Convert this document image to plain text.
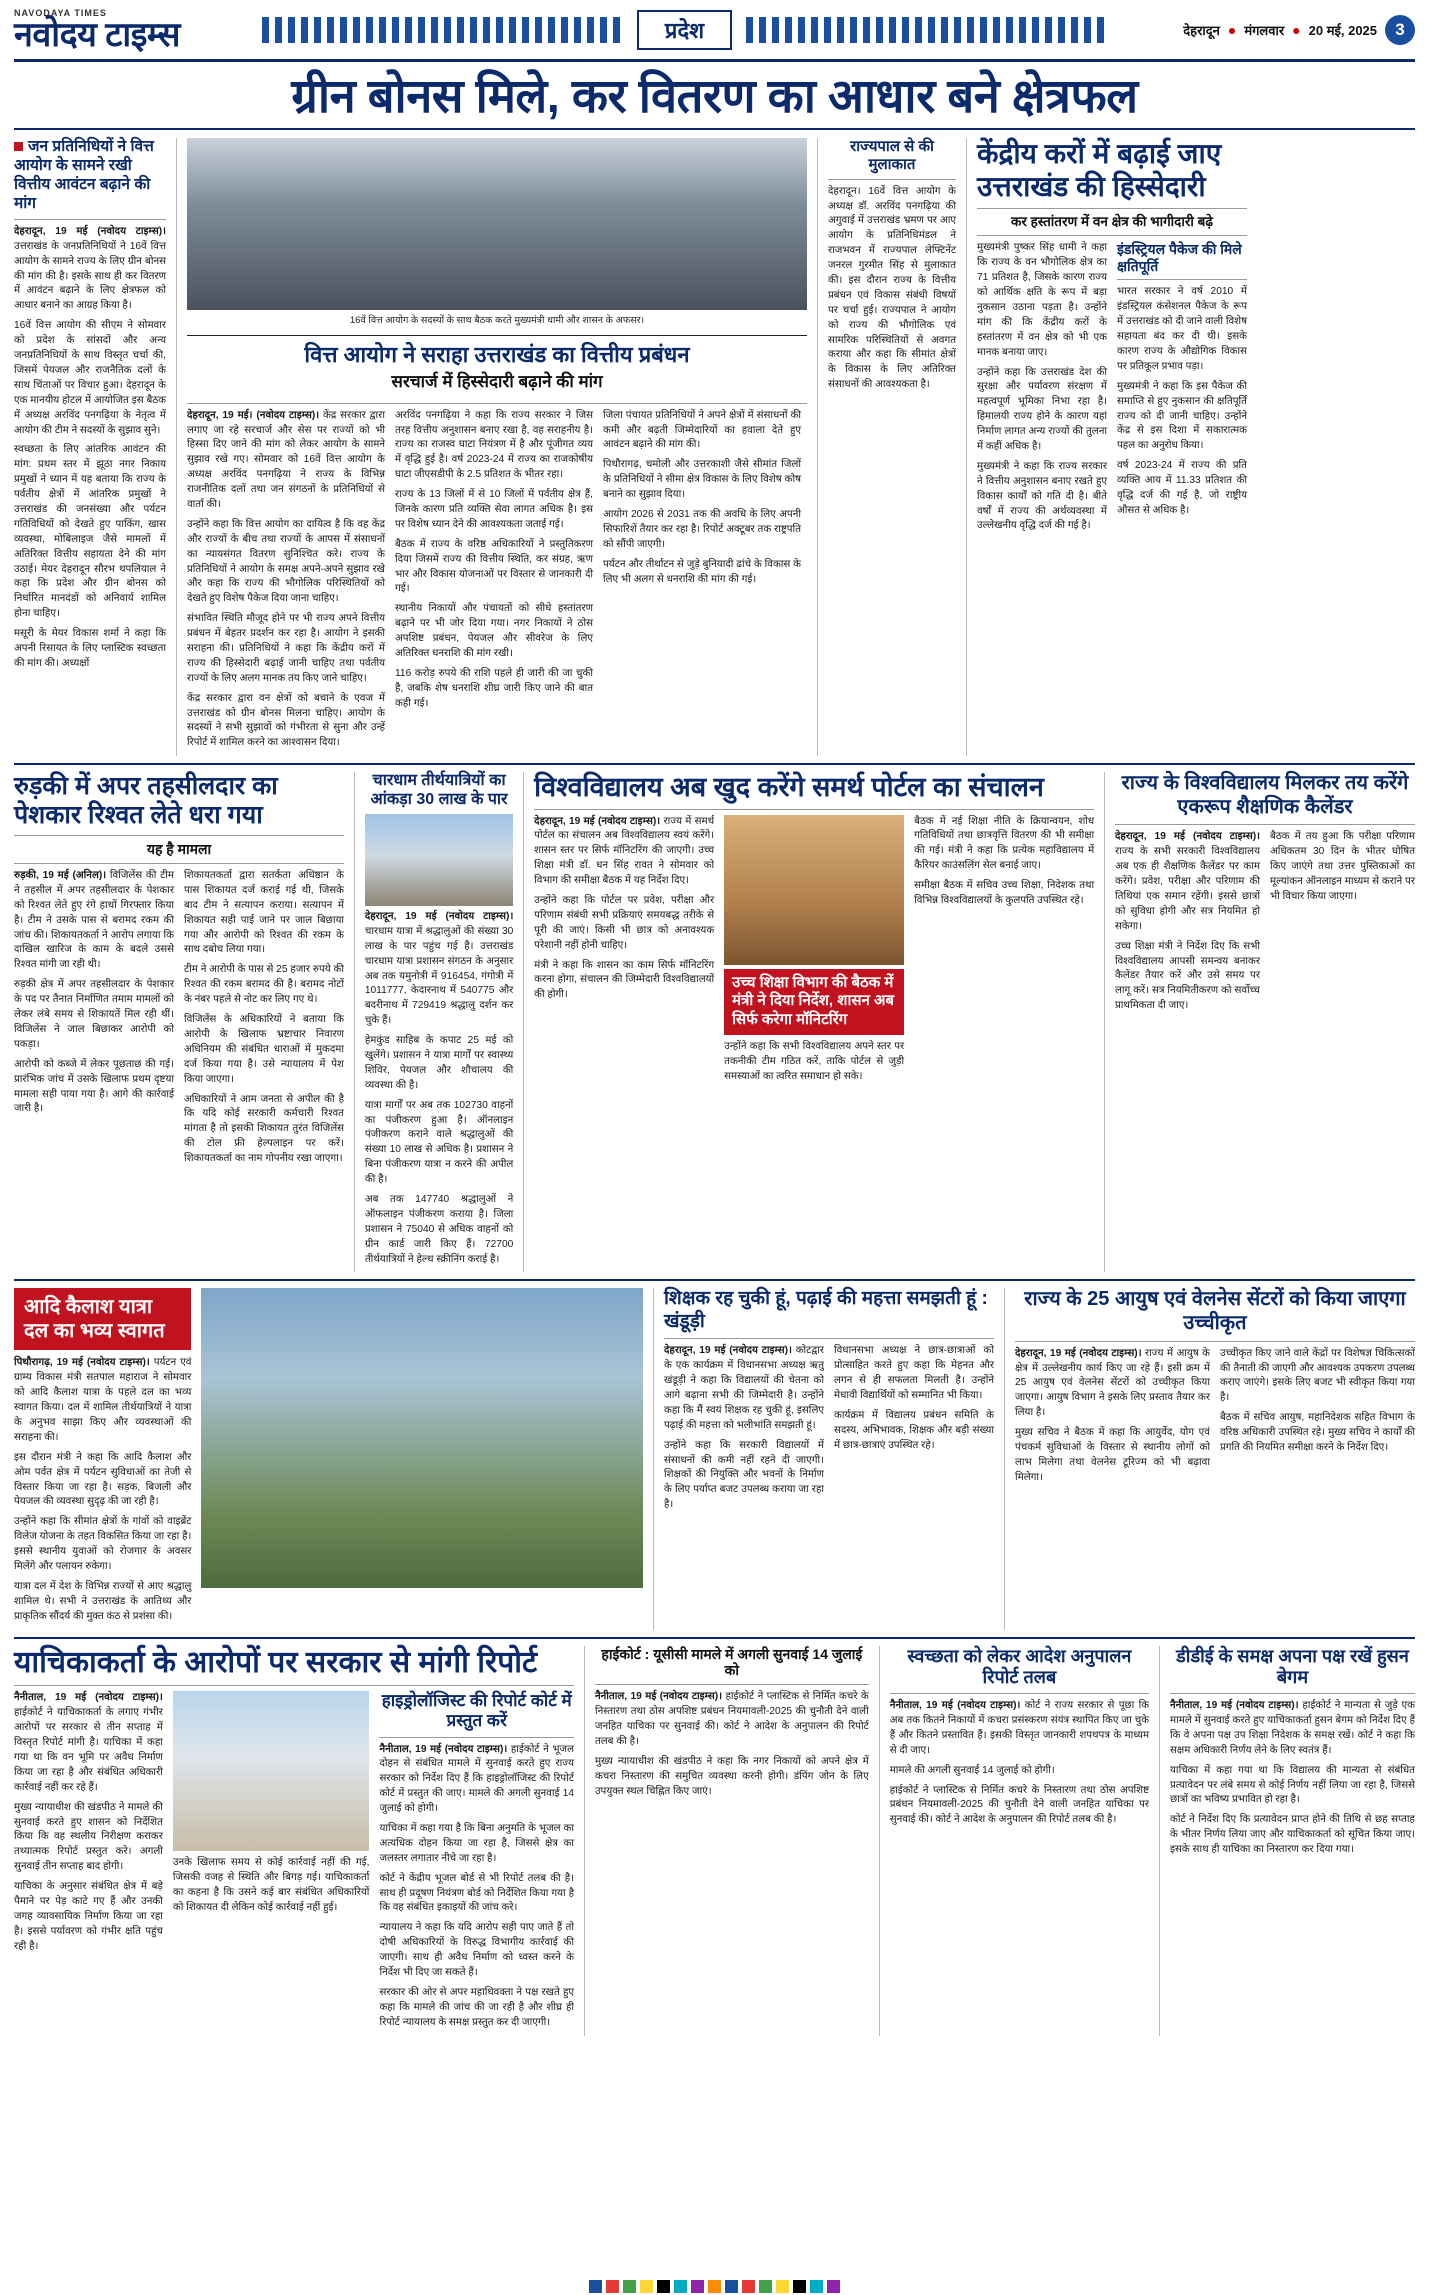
NAVODAYA TIMES
नवोदय टाइम्स	प्रदेश	देहरादून ● मंगलवार ● 20 मई, 2025	3
ग्रीन बोनस मिले, कर वितरण का आधार बने क्षेत्रफल
जन प्रतिनिधियों ने वित्त आयोग के सामने रखी वित्तीय आवंटन बढ़ाने की मांग

देहरादून, 19 मई (नवोदय टाइम्स)। उत्तराखंड के जनप्रतिनिधियों ने 16वें वित्त आयोग के सामने राज्य के लिए ग्रीन बोनस की मांग की है। इसके साथ ही कर वितरण में आवंटन बढ़ाने के लिए क्षेत्रफल को आधार बनाने का आग्रह किया है।

16वें वित्त आयोग की सीएम ने सोमवार को प्रदेश के सांसदों और अन्य जनप्रतिनिधियों के साथ विस्तृत चर्चा की, जिसमें पेयजल और राजनैतिक दलों के साथ चिंताओं पर विचार हुआ। देहरादून के एक मानयीय होटल में आयोजित इस बैठक में अध्यक्ष अरविंद पनगढ़िया के नेतृत्व में आयोग की टीम ने सदस्यों के सुझाव सुने।

स्वच्छता के लिए आंतरिक आवंटन की मांग: प्रथम स्तर में झूठा नगर निकाय प्रमुखों ने ध्यान में यह बताया कि राज्य के पर्वतीय क्षेत्रों में आंतरिक प्रमुखों ने उत्तराखंड की जनसंख्या और पर्यटन गतिविधियों को देखते हुए पाकिंग, खास व्यवस्था, मोबिलाइज जैसे मामलों में अतिरिक्त वित्तीय सहायता देने की मांग उठाई। मेयर देहरादून सौरभ थपलियाल ने कहा कि प्रदेश और ग्रीन बोनस को निर्धारित मानदंडों को अनिवार्य शामिल होना चाहिए।

मसूरी के मेयर विकास शर्मा ने कहा कि अपनी रिसायत के लिए प्लास्टिक स्वच्छता की मांग की। अध्यक्षों

16वें वित्त आयोग के सदस्यों के साथ बैठक करते मुख्यमंत्री धामी और शासन के अफसर।
वित्त आयोग ने सराहा उत्तराखंड का वित्तीय प्रबंधन
सरचार्ज में हिस्सेदारी बढ़ाने की मांग

देहरादून, 19 मई। (नवोदय टाइम्स)। केंद्र सरकार द्वारा लगाए जा रहे सरचार्ज और सेस पर राज्यों को भी हिस्सा दिए जाने की मांग को लेकर आयोग के सामने सुझाव रखे गए। सोमवार को 16वें वित्त आयोग के अध्यक्ष अरविंद पनगढ़िया ने राज्य के विभिन्न राजनीतिक दलों तथा जन संगठनों के प्रतिनिधियों से वार्ता की।

उन्होंने कहा कि वित्त आयोग का दायित्व है कि वह केंद्र और राज्यों के बीच तथा राज्यों के आपस में संसाधनों का न्यायसंगत वितरण सुनिश्चित करे। राज्य के प्रतिनिधियों ने आयोग के समक्ष अपने-अपने सुझाव रखे और कहा कि राज्य की भौगोलिक परिस्थितियों को देखते हुए विशेष पैकेज दिया जाना चाहिए।

संभावित स्थिति मौजूद होने पर भी राज्य अपने वित्तीय प्रबंधन में बेहतर प्रदर्शन कर रहा है। आयोग ने इसकी सराहना की। प्रतिनिधियों ने कहा कि केंद्रीय करों में राज्य की हिस्सेदारी बढ़ाई जानी चाहिए तथा पर्वतीय राज्यों के लिए अलग मानक तय किए जाने चाहिए।

केंद्र सरकार द्वारा वन क्षेत्रों को बचाने के एवज में उत्तराखंड को ग्रीन बोनस मिलना चाहिए। आयोग के सदस्यों ने सभी सुझावों को गंभीरता से सुना और उन्हें रिपोर्ट में शामिल करने का आश्वासन दिया।

अरविंद पनगढ़िया ने कहा कि राज्य सरकार ने जिस तरह वित्तीय अनुशासन बनाए रखा है, वह सराहनीय है। राज्य का राजस्व घाटा नियंत्रण में है और पूंजीगत व्यय में वृद्धि हुई है। वर्ष 2023-24 में राज्य का राजकोषीय घाटा जीएसडीपी के 2.5 प्रतिशत के भीतर रहा।

राज्य के 13 जिलों में से 10 जिलों में पर्वतीय क्षेत्र हैं, जिनके कारण प्रति व्यक्ति सेवा लागत अधिक है। इस पर विशेष ध्यान देने की आवश्यकता जताई गई।

बैठक में राज्य के वरिष्ठ अधिकारियों ने प्रस्तुतिकरण दिया जिसमें राज्य की वित्तीय स्थिति, कर संग्रह, ऋण भार और विकास योजनाओं पर विस्तार से जानकारी दी गई।

स्थानीय निकायों और पंचायतों को सीधे हस्तांतरण बढ़ाने पर भी जोर दिया गया। नगर निकायों ने ठोस अपशिष्ट प्रबंधन, पेयजल और सीवरेज के लिए अतिरिक्त धनराशि की मांग रखी।

116 करोड़ रुपये की राशि पहले ही जारी की जा चुकी है, जबकि शेष धनराशि शीघ्र जारी किए जाने की बात कही गई।

जिला पंचायत प्रतिनिधियों ने अपने क्षेत्रों में संसाधनों की कमी और बढ़ती जिम्मेदारियों का हवाला देते हुए आवंटन बढ़ाने की मांग की।

पिथौरागढ़, चमोली और उत्तरकाशी जैसे सीमांत जिलों के प्रतिनिधियों ने सीमा क्षेत्र विकास के लिए विशेष कोष बनाने का सुझाव दिया।

आयोग 2026 से 2031 तक की अवधि के लिए अपनी सिफारिशें तैयार कर रहा है। रिपोर्ट अक्टूबर तक राष्ट्रपति को सौंपी जाएगी।

पर्यटन और तीर्थाटन से जुड़े बुनियादी ढांचे के विकास के लिए भी अलग से धनराशि की मांग की गई।

राज्यपाल से की मुलाकात

देहरादून। 16वें वित्त आयोग के अध्यक्ष डॉ. अरविंद पनगढ़िया की अगुवाई में उत्तराखंड भ्रमण पर आए आयोग के प्रतिनिधिमंडल ने राजभवन में राज्यपाल लेफ्टिनेंट जनरल गुरमीत सिंह से मुलाकात की। इस दौरान राज्य के वित्तीय प्रबंधन एवं विकास संबंधी विषयों पर चर्चा हुई। राज्यपाल ने आयोग को राज्य की भौगोलिक एवं सामरिक परिस्थितियों से अवगत कराया और कहा कि सीमांत क्षेत्रों के विकास के लिए अतिरिक्त संसाधनों की आवश्यकता है।

केंद्रीय करों में बढ़ाई जाए उत्तराखंड की हिस्सेदारी
कर हस्तांतरण में वन क्षेत्र की भागीदारी बढ़े

मुख्यमंत्री पुष्कर सिंह धामी ने कहा कि राज्य के वन भौगोलिक क्षेत्र का 71 प्रतिशत है, जिसके कारण राज्य को आर्थिक क्षति के रूप में बड़ा नुकसान उठाना पड़ता है। उन्होंने मांग की कि केंद्रीय करों के हस्तांतरण में वन क्षेत्र को भी एक मानक बनाया जाए।

उन्होंने कहा कि उत्तराखंड देश की सुरक्षा और पर्यावरण संरक्षण में महत्वपूर्ण भूमिका निभा रहा है। हिमालयी राज्य होने के कारण यहां निर्माण लागत अन्य राज्यों की तुलना में कहीं अधिक है।

मुख्यमंत्री ने कहा कि राज्य सरकार ने वित्तीय अनुशासन बनाए रखते हुए विकास कार्यों को गति दी है। बीते वर्षों में राज्य की अर्थव्यवस्था में उल्लेखनीय वृद्धि दर्ज की गई है।

इंडस्ट्रियल पैकेज की मिले क्षतिपूर्ति

भारत सरकार ने वर्ष 2010 में इंडस्ट्रियल कंसेशनल पैकेज के रूप में उत्तराखंड को दी जाने वाली विशेष सहायता बंद कर दी थी। इसके कारण राज्य के औद्योगिक विकास पर प्रतिकूल प्रभाव पड़ा।

मुख्यमंत्री ने कहा कि इस पैकेज की समाप्ति से हुए नुकसान की क्षतिपूर्ति राज्य को दी जानी चाहिए। उन्होंने केंद्र से इस दिशा में सकारात्मक पहल का अनुरोध किया।

वर्ष 2023-24 में राज्य की प्रति व्यक्ति आय में 11.33 प्रतिशत की वृद्धि दर्ज की गई है, जो राष्ट्रीय औसत से अधिक है।

रुड़की में अपर तहसीलदार का पेशकार रिश्वत लेते धरा गया
यह है मामला

रुड़की, 19 मई (अनिल)। विजिलेंस की टीम ने तहसील में अपर तहसीलदार के पेशकार को रिश्वत लेते हुए रंगे हाथों गिरफ्तार किया है। टीम ने उसके पास से बरामद रकम की जांच की। शिकायतकर्ता ने आरोप लगाया कि दाखिल खारिज के काम के बदले उससे रिश्वत मांगी जा रही थी।

रुड़की क्षेत्र में अपर तहसीलदार के पेशकार के पद पर तैनात निर्माणित तमाम मामलों को लेकर लंबे समय से शिकायतें मिल रही थीं। विजिलेंस ने जाल बिछाकर आरोपी को पकड़ा।

आरोपी को कब्जे में लेकर पूछताछ की गई। प्रारंभिक जांच में उसके खिलाफ प्रथम दृष्टया मामला सही पाया गया है। आगे की कार्रवाई जारी है।

शिकायतकर्ता द्वारा सतर्कता अधिष्ठान के पास शिकायत दर्ज कराई गई थी, जिसके बाद टीम ने सत्यापन कराया। सत्यापन में शिकायत सही पाई जाने पर जाल बिछाया गया और आरोपी को रिश्वत की रकम के साथ दबोच लिया गया।

टीम ने आरोपी के पास से 25 हजार रुपये की रिश्वत की रकम बरामद की है। बरामद नोटों के नंबर पहले से नोट कर लिए गए थे।

विजिलेंस के अधिकारियों ने बताया कि आरोपी के खिलाफ भ्रष्टाचार निवारण अधिनियम की संबंधित धाराओं में मुकदमा दर्ज किया गया है। उसे न्यायालय में पेश किया जाएगा।

अधिकारियों ने आम जनता से अपील की है कि यदि कोई सरकारी कर्मचारी रिश्वत मांगता है तो इसकी शिकायत तुरंत विजिलेंस की टोल फ्री हेल्पलाइन पर करें। शिकायतकर्ता का नाम गोपनीय रखा जाएगा।

चारधाम तीर्थयात्रियों का आंकड़ा 30 लाख के पार

देहरादून, 19 मई (नवोदय टाइम्स)। चारधाम यात्रा में श्रद्धालुओं की संख्या 30 लाख के पार पहुंच गई है। उत्तराखंड चारधाम यात्रा प्रशासन संगठन के अनुसार अब तक यमुनोत्री में 916454, गंगोत्री में 1011777, केदारनाथ में 540775 और बदरीनाथ में 729419 श्रद्धालु दर्शन कर चुके हैं।

हेमकुंड साहिब के कपाट 25 मई को खुलेंगे। प्रशासन ने यात्रा मार्गों पर स्वास्थ्य शिविर, पेयजल और शौचालय की व्यवस्था की है।

यात्रा मार्गों पर अब तक 102730 वाहनों का पंजीकरण हुआ है। ऑनलाइन पंजीकरण कराने वाले श्रद्धालुओं की संख्या 10 लाख से अधिक है। प्रशासन ने बिना पंजीकरण यात्रा न करने की अपील की है।

अब तक 147740 श्रद्धालुओं ने ऑफलाइन पंजीकरण कराया है। जिला प्रशासन ने 75040 से अधिक वाहनों को ग्रीन कार्ड जारी किए हैं। 72700 तीर्थयात्रियों ने हेल्थ स्क्रीनिंग कराई है।

विश्वविद्यालय अब खुद करेंगे समर्थ पोर्टल का संचालन

देहरादून, 19 मई (नवोदय टाइम्स)। राज्य में समर्थ पोर्टल का संचालन अब विश्वविद्यालय स्वयं करेंगे। शासन स्तर पर सिर्फ मॉनिटरिंग की जाएगी। उच्च शिक्षा मंत्री डॉ. धन सिंह रावत ने सोमवार को विभाग की समीक्षा बैठक में यह निर्देश दिए।

उन्होंने कहा कि पोर्टल पर प्रवेश, परीक्षा और परिणाम संबंधी सभी प्रक्रियाएं समयबद्ध तरीके से पूरी की जाएं। किसी भी छात्र को अनावश्यक परेशानी नहीं होनी चाहिए।

मंत्री ने कहा कि शासन का काम सिर्फ मॉनिटरिंग करना होगा, संचालन की जिम्मेदारी विश्वविद्यालयों की होगी।

उच्च शिक्षा विभाग की बैठक में मंत्री ने दिया निर्देश, शासन अब सिर्फ करेगा मॉनिटरिंग

उन्होंने कहा कि सभी विश्वविद्यालय अपने स्तर पर तकनीकी टीम गठित करें, ताकि पोर्टल से जुड़ी समस्याओं का त्वरित समाधान हो सके।

बैठक में नई शिक्षा नीति के क्रियान्वयन, शोध गतिविधियों तथा छात्रवृत्ति वितरण की भी समीक्षा की गई। मंत्री ने कहा कि प्रत्येक महाविद्यालय में कैरियर काउंसलिंग सेल बनाई जाए।

समीक्षा बैठक में सचिव उच्च शिक्षा, निदेशक तथा विभिन्न विश्वविद्यालयों के कुलपति उपस्थित रहे।

राज्य के विश्वविद्यालय मिलकर तय करेंगे एकरूप शैक्षणिक कैलेंडर

देहरादून, 19 मई (नवोदय टाइम्स)। राज्य के सभी सरकारी विश्वविद्यालय अब एक ही शैक्षणिक कैलेंडर पर काम करेंगे। प्रवेश, परीक्षा और परिणाम की तिथियां एक समान रहेंगी। इससे छात्रों को सुविधा होगी और सत्र नियमित हो सकेगा।

उच्च शिक्षा मंत्री ने निर्देश दिए कि सभी विश्वविद्यालय आपसी समन्वय बनाकर कैलेंडर तैयार करें और उसे समय पर लागू करें। सत्र नियमितीकरण को सर्वोच्च प्राथमिकता दी जाए।

बैठक में तय हुआ कि परीक्षा परिणाम अधिकतम 30 दिन के भीतर घोषित किए जाएंगे तथा उत्तर पुस्तिकाओं का मूल्यांकन ऑनलाइन माध्यम से कराने पर भी विचार किया जाएगा।

आदि कैलाश यात्रा दल का भव्य स्वागत

पिथौरागढ़, 19 मई (नवोदय टाइम्स)। पर्यटन एवं ग्राम्य विकास मंत्री सतपाल महाराज ने सोमवार को आदि कैलाश यात्रा के पहले दल का भव्य स्वागत किया। दल में शामिल तीर्थयात्रियों ने यात्रा के अनुभव साझा किए और व्यवस्थाओं की सराहना की।

इस दौरान मंत्री ने कहा कि आदि कैलाश और ओम पर्वत क्षेत्र में पर्यटन सुविधाओं का तेजी से विस्तार किया जा रहा है। सड़क, बिजली और पेयजल की व्यवस्था सुदृढ़ की जा रही है।

उन्होंने कहा कि सीमांत क्षेत्रों के गांवों को वाइब्रेंट विलेज योजना के तहत विकसित किया जा रहा है। इससे स्थानीय युवाओं को रोजगार के अवसर मिलेंगे और पलायन रुकेगा।

यात्रा दल में देश के विभिन्न राज्यों से आए श्रद्धालु शामिल थे। सभी ने उत्तराखंड के आतिथ्य और प्राकृतिक सौंदर्य की मुक्त कंठ से प्रशंसा की।

शिक्षक रह चुकी हूं, पढ़ाई की महत्ता समझती हूं : खंडूड़ी

देहरादून, 19 मई (नवोदय टाइम्स)। कोटद्वार के एक कार्यक्रम में विधानसभा अध्यक्ष ऋतु खंडूड़ी ने कहा कि विद्यालयों की चेतना को आगे बढ़ाना सभी की जिम्मेदारी है। उन्होंने कहा कि मैं स्वयं शिक्षक रह चुकी हूं, इसलिए पढ़ाई की महत्ता को भलीभांति समझती हूं।

उन्होंने कहा कि सरकारी विद्यालयों में संसाधनों की कमी नहीं रहने दी जाएगी। शिक्षकों की नियुक्ति और भवनों के निर्माण के लिए पर्याप्त बजट उपलब्ध कराया जा रहा है।

विधानसभा अध्यक्ष ने छात्र-छात्राओं को प्रोत्साहित करते हुए कहा कि मेहनत और लगन से ही सफलता मिलती है। उन्होंने मेधावी विद्यार्थियों को सम्मानित भी किया।

कार्यक्रम में विद्यालय प्रबंधन समिति के सदस्य, अभिभावक, शिक्षक और बड़ी संख्या में छात्र-छात्राएं उपस्थित रहे।

राज्य के 25 आयुष एवं वेलनेस सेंटरों को किया जाएगा उच्चीकृत

देहरादून, 19 मई (नवोदय टाइम्स)। राज्य में आयुष के क्षेत्र में उल्लेखनीय कार्य किए जा रहे हैं। इसी क्रम में 25 आयुष एवं वेलनेस सेंटरों को उच्चीकृत किया जाएगा। आयुष विभाग ने इसके लिए प्रस्ताव तैयार कर लिया है।

मुख्य सचिव ने बैठक में कहा कि आयुर्वेद, योग एवं पंचकर्म सुविधाओं के विस्तार से स्थानीय लोगों को लाभ मिलेगा तथा वेलनेस टूरिज्म को भी बढ़ावा मिलेगा।

उच्चीकृत किए जाने वाले केंद्रों पर विशेषज्ञ चिकित्सकों की तैनाती की जाएगी और आवश्यक उपकरण उपलब्ध कराए जाएंगे। इसके लिए बजट भी स्वीकृत किया गया है।

बैठक में सचिव आयुष, महानिदेशक सहित विभाग के वरिष्ठ अधिकारी उपस्थित रहे। मुख्य सचिव ने कार्यों की प्रगति की नियमित समीक्षा करने के निर्देश दिए।

याचिकाकर्ता के आरोपों पर सरकार से मांगी रिपोर्ट

नैनीताल, 19 मई (नवोदय टाइम्स)। हाईकोर्ट ने याचिकाकर्ता के लगाए गंभीर आरोपों पर सरकार से तीन सप्ताह में विस्तृत रिपोर्ट मांगी है। याचिका में कहा गया था कि वन भूमि पर अवैध निर्माण किया जा रहा है और संबंधित अधिकारी कार्रवाई नहीं कर रहे हैं।

मुख्य न्यायाधीश की खंडपीठ ने मामले की सुनवाई करते हुए शासन को निर्देशित किया कि वह स्थलीय निरीक्षण कराकर तथ्यात्मक रिपोर्ट प्रस्तुत करे। अगली सुनवाई तीन सप्ताह बाद होगी।

याचिका के अनुसार संबंधित क्षेत्र में बड़े पैमाने पर पेड़ काटे गए हैं और उनकी जगह व्यावसायिक निर्माण किया जा रहा है। इससे पर्यावरण को गंभीर क्षति पहुंच रही है।

उनके खिलाफ समय से कोई कार्रवाई नहीं की गई, जिसकी वजह से स्थिति और बिगड़ गई। याचिकाकर्ता का कहना है कि उसने कई बार संबंधित अधिकारियों को शिकायत दी लेकिन कोई कार्रवाई नहीं हुई।

हाइड्रोलॉजिस्ट की रिपोर्ट कोर्ट में प्रस्तुत करें

नैनीताल, 19 मई (नवोदय टाइम्स)। हाईकोर्ट ने भूजल दोहन से संबंधित मामले में सुनवाई करते हुए राज्य सरकार को निर्देश दिए हैं कि हाइड्रोलॉजिस्ट की रिपोर्ट कोर्ट में प्रस्तुत की जाए। मामले की अगली सुनवाई 14 जुलाई को होगी।

याचिका में कहा गया है कि बिना अनुमति के भूजल का अत्यधिक दोहन किया जा रहा है, जिससे क्षेत्र का जलस्तर लगातार नीचे जा रहा है।

कोर्ट ने केंद्रीय भूजल बोर्ड से भी रिपोर्ट तलब की है। साथ ही प्रदूषण नियंत्रण बोर्ड को निर्देशित किया गया है कि वह संबंधित इकाइयों की जांच करे।

न्यायालय ने कहा कि यदि आरोप सही पाए जाते हैं तो दोषी अधिकारियों के विरुद्ध विभागीय कार्रवाई की जाएगी। साथ ही अवैध निर्माण को ध्वस्त करने के निर्देश भी दिए जा सकते हैं।

सरकार की ओर से अपर महाधिवक्ता ने पक्ष रखते हुए कहा कि मामले की जांच की जा रही है और शीघ्र ही रिपोर्ट न्यायालय के समक्ष प्रस्तुत कर दी जाएगी।

हाईकोर्ट : यूसीसी मामले में अगली सुनवाई 14 जुलाई को

नैनीताल, 19 मई (नवोदय टाइम्स)। हाईकोर्ट ने प्लास्टिक से निर्मित कचरे के निस्तारण तथा ठोस अपशिष्ट प्रबंधन नियमावली-2025 की चुनौती देने वाली जनहित याचिका पर सुनवाई की। कोर्ट ने आदेश के अनुपालन की रिपोर्ट तलब की है।

मुख्य न्यायाधीश की खंडपीठ ने कहा कि नगर निकायों को अपने क्षेत्र में कचरा निस्तारण की समुचित व्यवस्था करनी होगी। डंपिंग जोन के लिए उपयुक्त स्थल चिह्नित किए जाएं।

स्वच्छता को लेकर आदेश अनुपालन रिपोर्ट तलब

नैनीताल, 19 मई (नवोदय टाइम्स)। कोर्ट ने राज्य सरकार से पूछा कि अब तक कितने निकायों में कचरा प्रसंस्करण संयंत्र स्थापित किए जा चुके हैं और कितने प्रस्तावित हैं। इसकी विस्तृत जानकारी शपथपत्र के माध्यम से दी जाए।

मामले की अगली सुनवाई 14 जुलाई को होगी।

हाईकोर्ट ने प्लास्टिक से निर्मित कचरे के निस्तारण तथा ठोस अपशिष्ट प्रबंधन नियमावली-2025 की चुनौती देने वाली जनहित याचिका पर सुनवाई की। कोर्ट ने आदेश के अनुपालन की रिपोर्ट तलब की है।

डीडीई के समक्ष अपना पक्ष रखें हुसन बेगम

नैनीताल, 19 मई (नवोदय टाइम्स)। हाईकोर्ट ने मान्यता से जुड़े एक मामले में सुनवाई करते हुए याचिकाकर्ता हुसन बेगम को निर्देश दिए हैं कि वे अपना पक्ष उप शिक्षा निदेशक के समक्ष रखें। कोर्ट ने कहा कि सक्षम अधिकारी निर्णय लेने के लिए स्वतंत्र हैं।

याचिका में कहा गया था कि विद्यालय की मान्यता से संबंधित प्रत्यावेदन पर लंबे समय से कोई निर्णय नहीं लिया जा रहा है, जिससे छात्रों का भविष्य प्रभावित हो रहा है।

कोर्ट ने निर्देश दिए कि प्रत्यावेदन प्राप्त होने की तिथि से छह सप्ताह के भीतर निर्णय लिया जाए और याचिकाकर्ता को सूचित किया जाए। इसके साथ ही याचिका का निस्तारण कर दिया गया।
